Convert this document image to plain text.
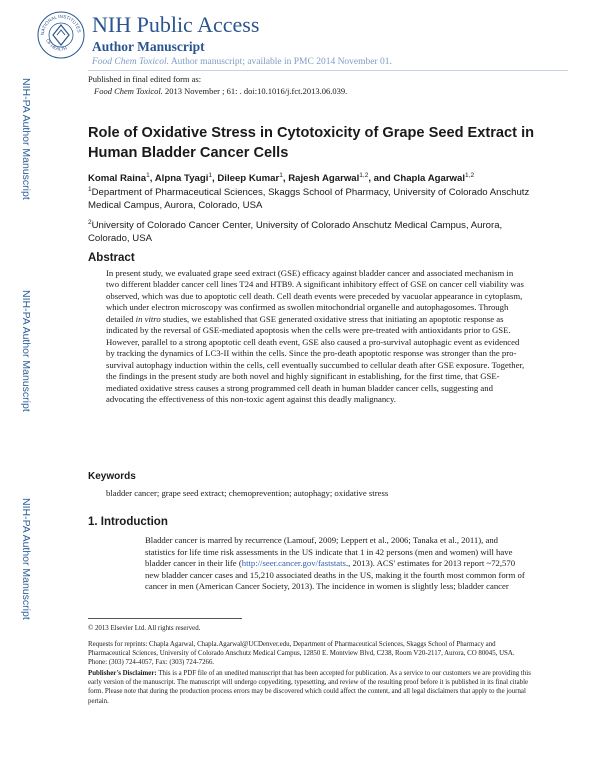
NIH-PA Author Manuscript
NIH-PA Author Manuscript
NIH-PA Author Manuscript
NATIONAL INSTITUTES
OF HEALTH
NIH Public Access
Author Manuscript
Food Chem Toxicol. Author manuscript; available in PMC 2014 November 01.
Published in final edited form as:
Food Chem Toxicol. 2013 November ; 61: . doi:10.1016/j.fct.2013.06.039.
Role of Oxidative Stress in Cytotoxicity of Grape Seed Extract in Human Bladder Cancer Cells
Komal Raina$^1$, Alpna Tyagi$^1$, Dileep Kumar$^1$, Rajesh Agarwal$^{1,2}$, and Chapla Agarwal$^{1,2}$
$^1$Department of Pharmaceutical Sciences, Skaggs School of Pharmacy, University of Colorado Anschutz Medical Campus, Aurora, Colorado, USA
$^2$University of Colorado Cancer Center, University of Colorado Anschutz Medical Campus, Aurora, Colorado, USA
Abstract
In present study, we evaluated grape seed extract (GSE) efficacy against bladder cancer and associated mechanism in two different bladder cancer cell lines T24 and HTB9. A significant inhibitory effect of GSE on cancer cell viability was observed, which was due to apoptotic cell death. Cell death events were preceded by vacuolar appearance in cytoplasm, which under electron microscopy was confirmed as swollen mitochondrial organelle and autophagosomes. Through detailed in vitro studies, we established that GSE generated oxidative stress that initiating an apoptotic response as indicated by the reversal of GSE-mediated apoptosis when the cells were pre-treated with antioxidants prior to GSE. However, parallel to a strong apoptotic cell death event, GSE also caused a pro-survival autophagic event as evidenced by tracking the dynamics of LC3-II within the cells. Since the pro-death apoptotic response was stronger than the pro-survival autophagy induction within the cells, cell eventually succumbed to cellular death after GSE exposure. Together, the findings in the present study are both novel and highly significant in establishing, for the first time, that GSE-mediated oxidative stress causes a strong programmed cell death in human bladder cancer cells, suggesting and advocating the effectiveness of this non-toxic agent against this deadly malignancy.
Keywords
bladder cancer; grape seed extract; chemoprevention; autophagy; oxidative stress
1. Introduction
Bladder cancer is marred by recurrence (Lamouf, 2009; Leppert et al., 2006; Tanaka et al., 2011), and statistics for life time risk assessments in the US indicate that 1 in 42 persons (men and women) will have bladder cancer in their life (http://seer.cancer.gov/faststats., 2013). ACS' estimates for 2013 report ~72,570 new bladder cancer cases and 15,210 associated deaths in the US, making it the fourth most common form of cancer in men (American Cancer Society, 2013). The incidence in women is slightly less; bladder cancer
© 2013 Elsevier Ltd. All rights reserved.
Requests for reprints: Chapla Agarwal, Chapla.Agarwal@UCDenver.edu, Department of Pharmaceutical Sciences, Skaggs School of Pharmacy and Pharmaceutical Sciences, University of Colorado Anschutz Medical Campus, 12850 E. Montview Blvd, C238, Room V20-2117, Aurora, CO 80045, USA. Phone: (303) 724-4057, Fax: (303) 724-7266.
Publisher's Disclaimer: This is a PDF file of an unedited manuscript that has been accepted for publication. As a service to our customers we are providing this early version of the manuscript. The manuscript will undergo copyediting, typesetting, and review of the resulting proof before it is published in its final citable form. Please note that during the production process errors may be discovered which could affect the content, and all legal disclaimers that apply to the journal pertain.
